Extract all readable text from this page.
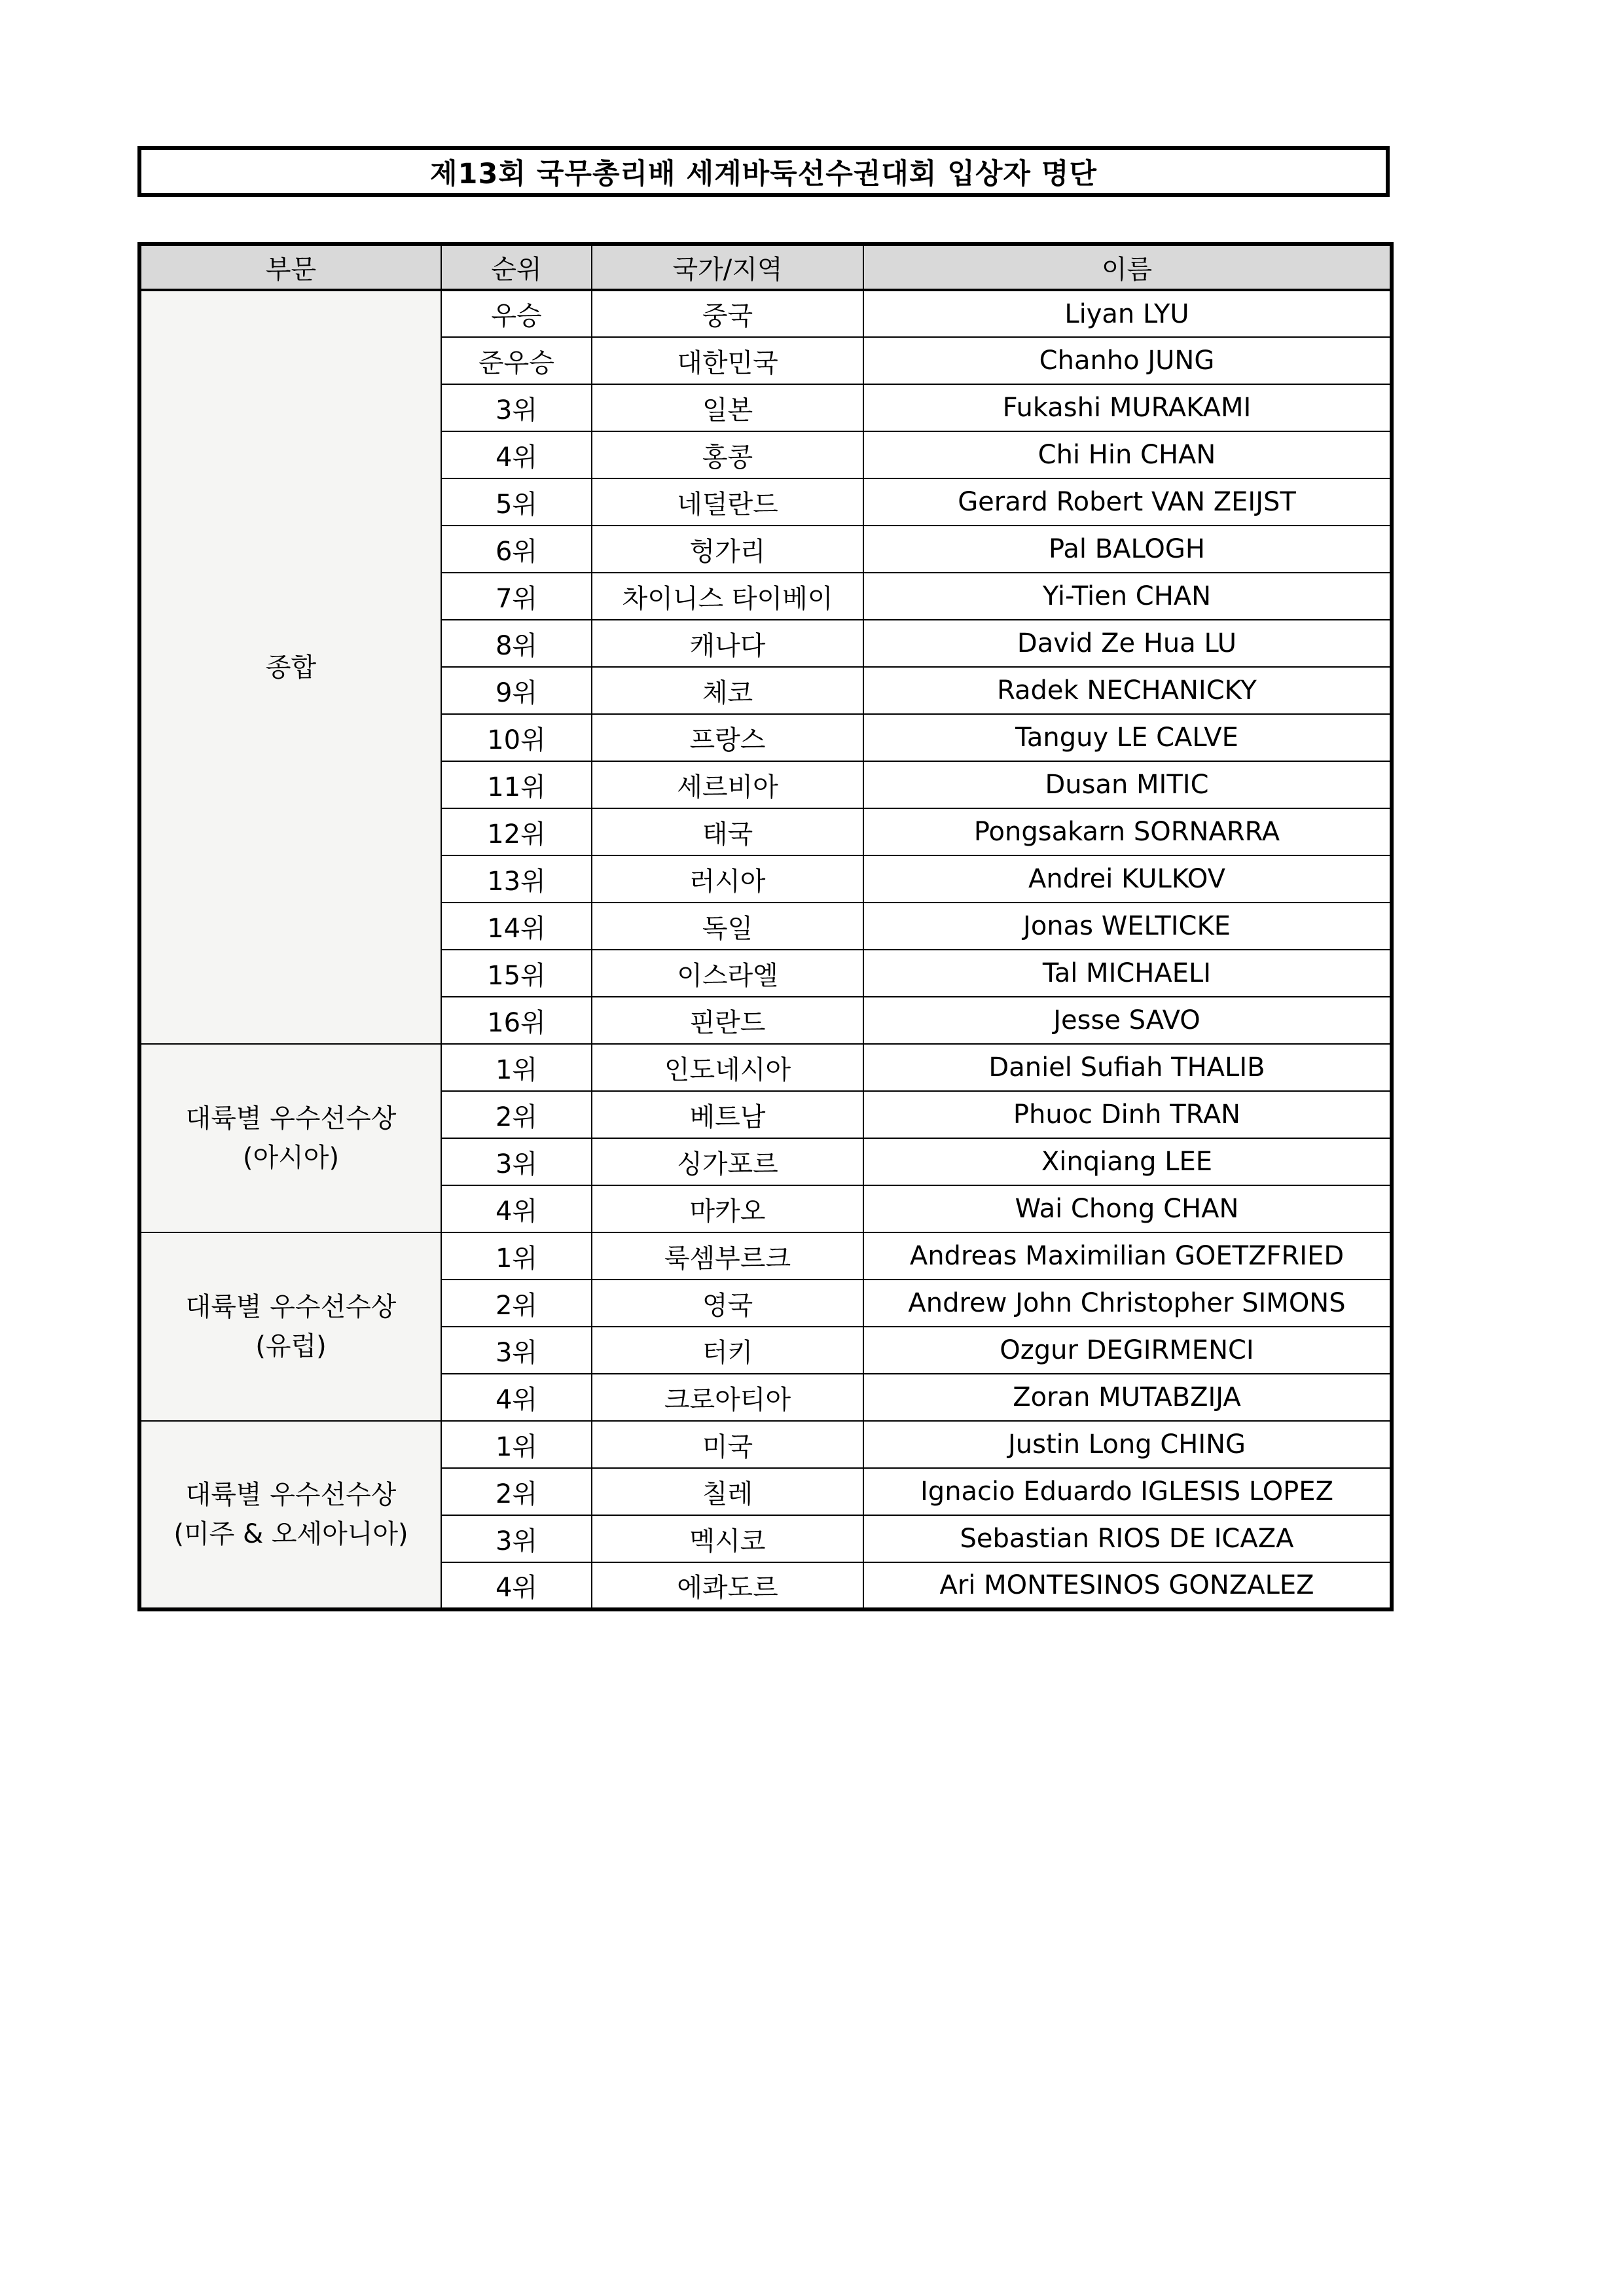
제13회 국무총리배 세계바둑선수권대회 입상자 명단
부문	순위	국가/지역	이름

종합	우승	중국	Liyan LYU
	준우승	대한민국	Chanho JUNG
	3위	일본	Fukashi MURAKAMI
	4위	홍콩	Chi Hin CHAN
	5위	네덜란드	Gerard Robert VAN ZEIJST
	6위	헝가리	Pal BALOGH
	7위	차이니스 타이베이	Yi-Tien CHAN
	8위	캐나다	David Ze Hua LU
	9위	체코	Radek NECHANICKY
	10위	프랑스	Tanguy LE CALVE
	11위	세르비아	Dusan MITIC
	12위	태국	Pongsakarn SORNARRA
	13위	러시아	Andrei KULKOV
	14위	독일	Jonas WELTICKE
	15위	이스라엘	Tal MICHAELI
	16위	핀란드	Jesse SAVO

대륙별 우수선수상
(아시아)	1위	인도네시아	Daniel Sufiah THALIB
	2위	베트남	Phuoc Dinh TRAN
	3위	싱가포르	Xinqiang LEE
	4위	마카오	Wai Chong CHAN

대륙별 우수선수상
(유럽)	1위	룩셈부르크	Andreas Maximilian GOETZFRIED
	2위	영국	Andrew John Christopher SIMONS
	3위	터키	Ozgur DEGIRMENCI
	4위	크로아티아	Zoran MUTABZIJA

대륙별 우수선수상
(미주 & 오세아니아)	1위	미국	Justin Long CHING
	2위	칠레	Ignacio Eduardo IGLESIS LOPEZ
	3위	멕시코	Sebastian RIOS DE ICAZA
	4위	에콰도르	Ari MONTESINOS GONZALEZ
